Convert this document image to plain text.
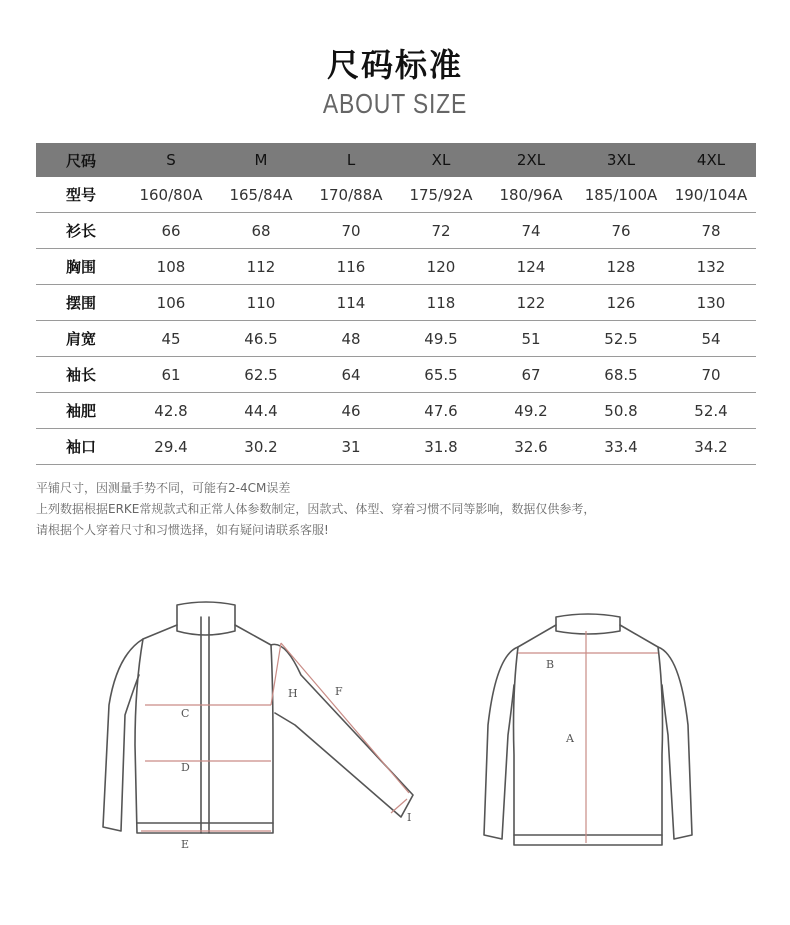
尺码标准
ABOUT SIZE
尺码	S	M	L	XL	2XL	3XL	4XL
型号	160/80A	165/84A	170/88A	175/92A	180/96A	185/100A	190/104A
衫长	66	68	70	72	74	76	78
胸围	108	112	116	120	124	128	132
摆围	106	110	114	118	122	126	130
肩宽	45	46.5	48	49.5	51	52.5	54
袖长	61	62.5	64	65.5	67	68.5	70
袖肥	42.8	44.4	46	47.6	49.2	50.8	52.4
袖口	29.4	30.2	31	31.8	32.6	33.4	34.2
平铺尺寸，因测量手势不同，可能有2-4CM误差
上列数据根据ERKE常规款式和正常人体参数制定，因款式、体型、穿着习惯不同等影响，数据仅供参考，
请根据个人穿着尺寸和习惯选择，如有疑问请联系客服!
C
D
E
F
H
I
B
A
